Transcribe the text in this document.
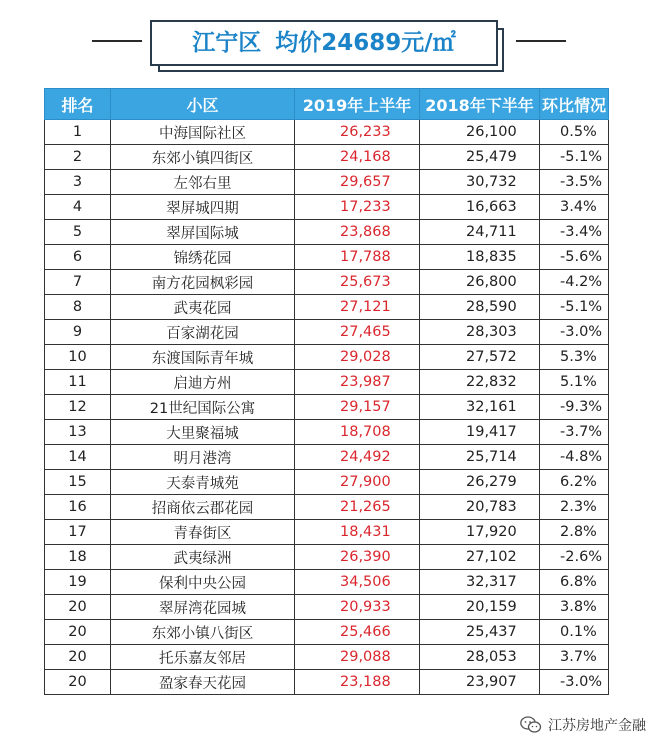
江宁区 均价24689元/㎡
排名	小区	2019年上半年	2018年下半年	环比情况
1	中海国际社区	26,233	26,100	0.5%
2	东郊小镇四街区	24,168	25,479	-5.1%
3	左邻右里	29,657	30,732	-3.5%
4	翠屏城四期	17,233	16,663	3.4%
5	翠屏国际城	23,868	24,711	-3.4%
6	锦绣花园	17,788	18,835	-5.6%
7	南方花园枫彩园	25,673	26,800	-4.2%
8	武夷花园	27,121	28,590	-5.1%
9	百家湖花园	27,465	28,303	-3.0%
10	东渡国际青年城	29,028	27,572	5.3%
11	启迪方州	23,987	22,832	5.1%
12	21世纪国际公寓	29,157	32,161	-9.3%
13	大里聚福城	18,708	19,417	-3.7%
14	明月港湾	24,492	25,714	-4.8%
15	天泰青城苑	27,900	26,279	6.2%
16	招商依云郡花园	21,265	20,783	2.3%
17	青春街区	18,431	17,920	2.8%
18	武夷绿洲	26,390	27,102	-2.6%
19	保利中央公园	34,506	32,317	6.8%
20	翠屏湾花园城	20,933	20,159	3.8%
20	东郊小镇八街区	25,466	25,437	0.1%
20	托乐嘉友邻居	29,088	28,053	3.7%
20	盈家春天花园	23,188	23,907	-3.0%
江苏房地产金融
